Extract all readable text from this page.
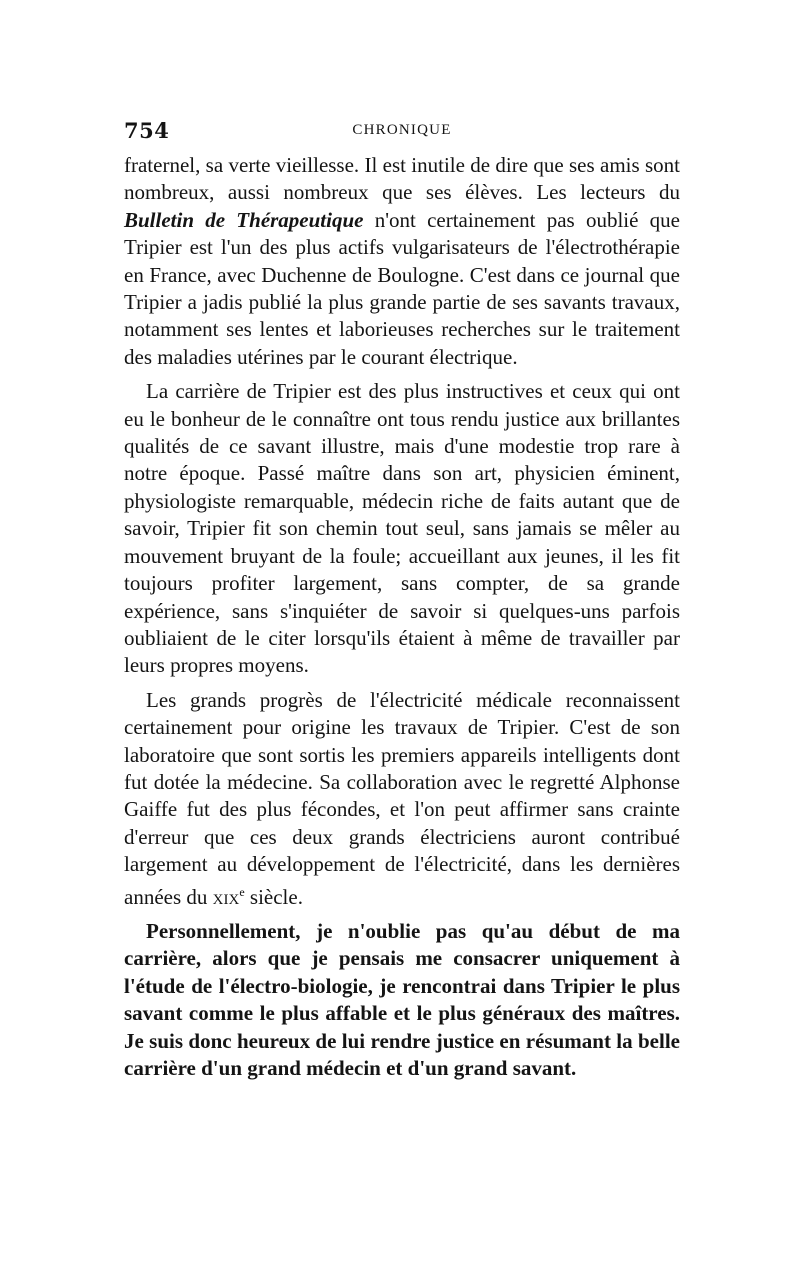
754	CHRONIQUE

fraternel, sa verte vieillesse. Il est inutile de dire que ses amis sont nombreux, aussi nombreux que ses élèves. Les lecteurs du Bulletin de Thérapeutique n'ont certainement pas oublié que Tripier est l'un des plus actifs vulgarisateurs de l'électrothérapie en France, avec Duchenne de Boulogne. C'est dans ce journal que Tripier a jadis publié la plus grande partie de ses savants travaux, notamment ses lentes et laborieuses recherches sur le traitement des maladies utérines par le courant électrique.

La carrière de Tripier est des plus instructives et ceux qui ont eu le bonheur de le connaître ont tous rendu justice aux brillantes qualités de ce savant illustre, mais d'une modestie trop rare à notre époque. Passé maître dans son art, physicien éminent, physiologiste remarquable, médecin riche de faits autant que de savoir, Tripier fit son chemin tout seul, sans jamais se mêler au mouvement bruyant de la foule; accueillant aux jeunes, il les fit toujours profiter largement, sans compter, de sa grande expérience, sans s'inquiéter de savoir si quelques-uns parfois oubliaient de le citer lorsqu'ils étaient à même de travailler par leurs propres moyens.

Les grands progrès de l'électricité médicale reconnaissent certainement pour origine les travaux de Tripier. C'est de son laboratoire que sont sortis les premiers appareils intelligents dont fut dotée la médecine. Sa collaboration avec le regretté Alphonse Gaiffe fut des plus fécondes, et l'on peut affirmer sans crainte d'erreur que ces deux grands électriciens auront contribué largement au développement de l'électricité, dans les dernières années du xix$^e$ siècle.

Personnellement, je n'oublie pas qu'au début de ma carrière, alors que je pensais me consacrer uniquement à l'étude de l'électro-biologie, je rencontrai dans Tripier le plus savant comme le plus affable et le plus généraux des maîtres. Je suis donc heureux de lui rendre justice en résumant la belle carrière d'un grand médecin et d'un grand savant.
